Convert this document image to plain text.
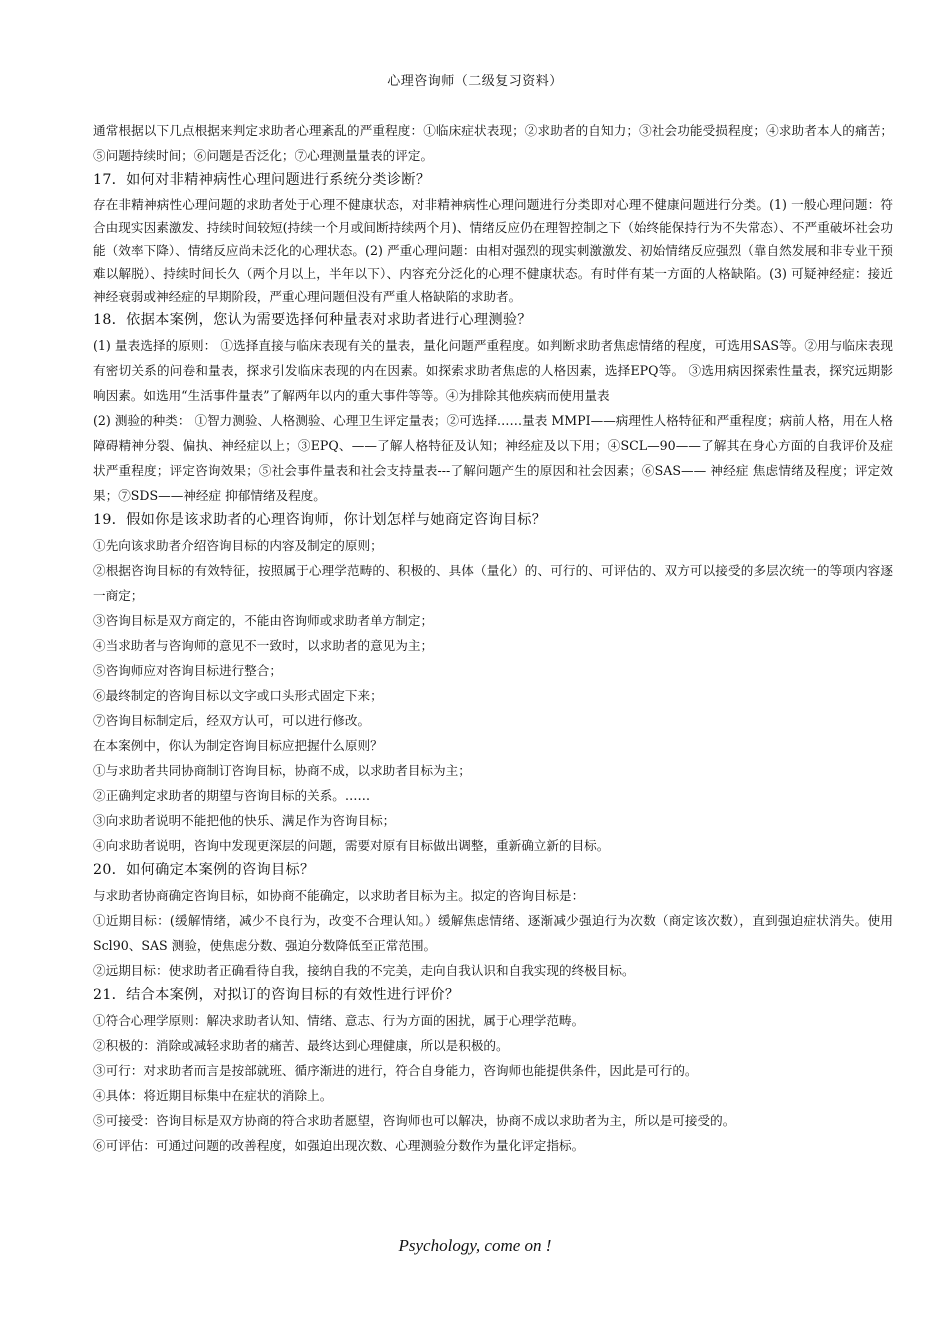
心理咨询师（二级复习资料）

通常根据以下几点根据来判定求助者心理紊乱的严重程度：①临床症状表现；②求助者的自知力；③社会功能受损程度；④求助者本人的痛苦；⑤问题持续时间；⑥问题是否泛化；⑦心理测量量表的评定。

17．如何对非精神病性心理问题进行系统分类诊断？

存在非精神病性心理问题的求助者处于心理不健康状态，对非精神病性心理问题进行分类即对心理不健康问题进行分类。(1) 一般心理问题：符合由现实因素激发、持续时间较短(持续一个月或间断持续两个月)、情绪反应仍在理智控制之下（始终能保持行为不失常态）、不严重破坏社会功能（效率下降）、情绪反应尚未泛化的心理状态。(2) 严重心理问题：由相对强烈的现实刺激激发、初始情绪反应强烈（靠自然发展和非专业干预难以解脱）、持续时间长久（两个月以上，半年以下）、内容充分泛化的心理不健康状态。有时伴有某一方面的人格缺陷。(3) 可疑神经症：接近神经衰弱或神经症的早期阶段，严重心理问题但没有严重人格缺陷的求助者。

18．依据本案例，您认为需要选择何种量表对求助者进行心理测验？

(1) 量表选择的原则： ①选择直接与临床表现有关的量表，量化问题严重程度。如判断求助者焦虑情绪的程度，可选用SAS等。②用与临床表现有密切关系的问卷和量表，探求引发临床表现的内在因素。如探索求助者焦虑的人格因素，选择EPQ等。 ③选用病因探索性量表，探究远期影响因素。如选用“生活事件量表”了解两年以内的重大事件等等。④为排除其他疾病而使用量表

(2) 测验的种类： ①智力测验、人格测验、心理卫生评定量表；②可选择……量表 MMPI——病理性人格特征和严重程度；病前人格，用在人格障碍精神分裂、偏执、神经症以上；③EPQ、——了解人格特征及认知；神经症及以下用；④SCL—90——了解其在身心方面的自我评价及症状严重程度；评定咨询效果；⑤社会事件量表和社会支持量表---了解问题产生的原因和社会因素；⑥SAS—— 神经症 焦虑情绪及程度；评定效果；⑦SDS——神经症 抑郁情绪及程度。

19．假如你是该求助者的心理咨询师，你计划怎样与她商定咨询目标？

①先向该求助者介绍咨询目标的内容及制定的原则；

②根据咨询目标的有效特征，按照属于心理学范畴的、积极的、具体（量化）的、可行的、可评估的、双方可以接受的多层次统一的等项内容逐一商定；

③咨询目标是双方商定的，不能由咨询师或求助者单方制定；

④当求助者与咨询师的意见不一致时，以求助者的意见为主；

⑤咨询师应对咨询目标进行整合；

⑥最终制定的咨询目标以文字或口头形式固定下来；

⑦咨询目标制定后，经双方认可，可以进行修改。

在本案例中，你认为制定咨询目标应把握什么原则？

①与求助者共同协商制订咨询目标，协商不成，以求助者目标为主；

②正确判定求助者的期望与咨询目标的关系。……

③向求助者说明不能把他的快乐、满足作为咨询目标；

④向求助者说明，咨询中发现更深层的问题，需要对原有目标做出调整，重新确立新的目标。

20．如何确定本案例的咨询目标？

与求助者协商确定咨询目标，如协商不能确定，以求助者目标为主。拟定的咨询目标是：

①近期目标：(缓解情绪，减少不良行为，改变不合理认知。）缓解焦虑情绪、逐渐减少强迫行为次数（商定该次数），直到强迫症状消失。使用 Scl90、SAS 测验，使焦虑分数、强迫分数降低至正常范围。

②远期目标：使求助者正确看待自我，接纳自我的不完美，走向自我认识和自我实现的终极目标。

21．结合本案例，对拟订的咨询目标的有效性进行评价？

①符合心理学原则：解决求助者认知、情绪、意志、行为方面的困扰，属于心理学范畴。

②积极的：消除或减轻求助者的痛苦、最终达到心理健康，所以是积极的。

③可行：对求助者而言是按部就班、循序渐进的进行，符合自身能力，咨询师也能提供条件，因此是可行的。

④具体：将近期目标集中在症状的消除上。

⑤可接受：咨询目标是双方协商的符合求助者愿望，咨询师也可以解决，协商不成以求助者为主，所以是可接受的。

⑥可评估：可通过问题的改善程度，如强迫出现次数、心理测验分数作为量化评定指标。

Psychology, come on !
